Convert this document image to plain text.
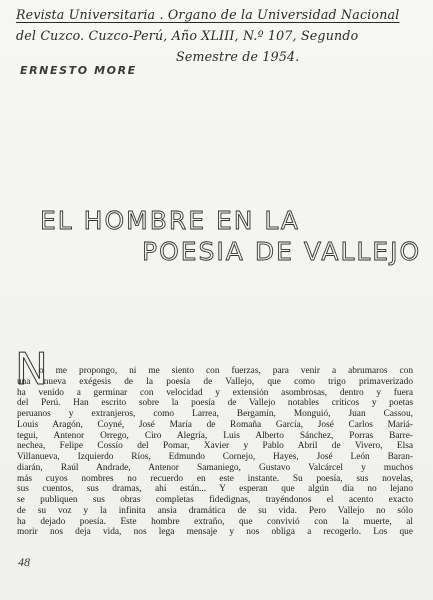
Revista Universitaria . Organo de la Universidad Nacional
del Cuzco. Cuzco-Perú, Año XLIII, N.º 107, Segundo
Semestre de 1954.
ERNESTO MORE
EL HOMBRE EN LA
POESIA DE VALLEJO
N
o me propongo, ni me siento con fuerzas, para venir a abrumaros con
una nueva exégesis de la poesía de Vallejo, que como trigo primaverizado
ha venido a germinar con velocidad y extensión asombrosas, dentro y fuera
del Perú. Han escrito sobre la poesía de Vallejo notables críticos y poetas
peruanos y extranjeros, como Larrea, Bergamín, Monguió, Juan Cassou,
Louis Aragón, Coyné, José María de Romaña García, José Carlos Mariá-
tegui, Antenor Orrego, Ciro Alegría, Luis Alberto Sánchez, Porras Barre-
nechea, Felipe Cossío del Pomar, Xavier y Pablo Abril de Vivero, Elsa
Villanueva, Izquierdo Ríos, Edmundo Cornejo, Hayes, José León Baran-
diarán, Raúl Andrade, Antenor Samaniego, Gustavo Valcárcel y muchos
más cuyos nombres no recuerdo en este instante. Su poesía, sus novelas,
sus cuentos, sus dramas, ahí están... Y esperan que algún día no lejano
se publiquen sus obras completas fidedignas, trayéndonos el acento exacto
de su voz y la infinita ansia dramática de su vida. Pero Vallejo no sólo
ha dejado poesía. Este hombre extraño, que convivió con la muerte, al
morir nos deja vida, nos lega mensaje y nos obliga a recogerlo. Los que
48
